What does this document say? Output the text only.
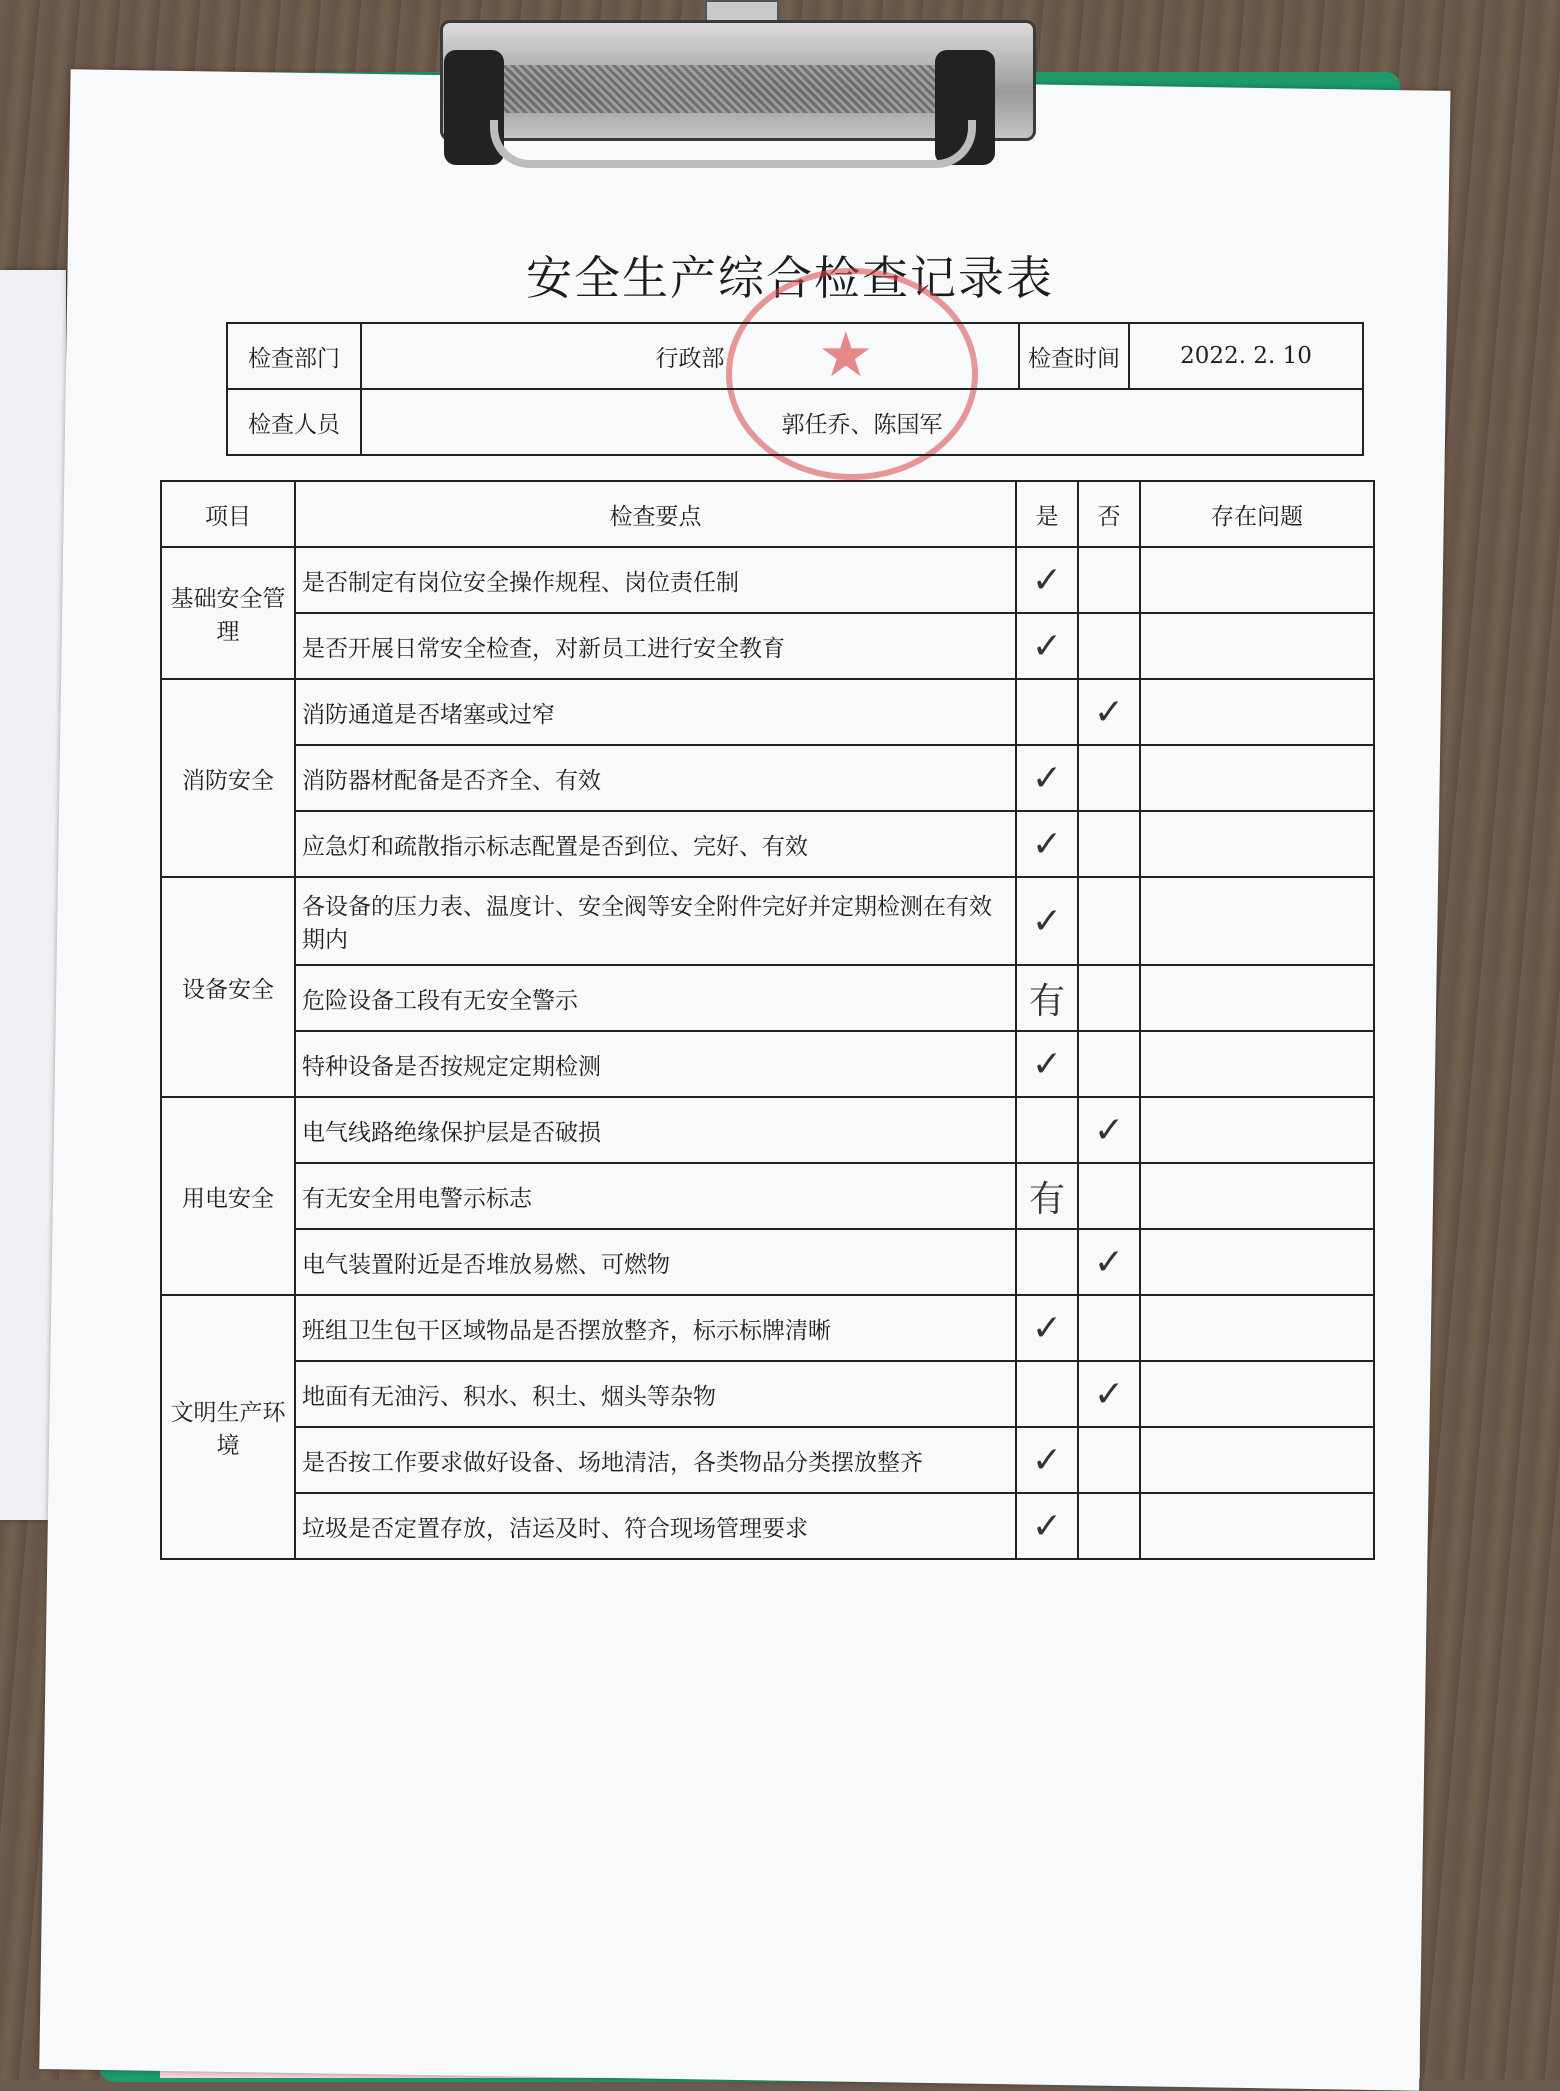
安全生产综合检查记录表
★
检查部门	行政部	检查时间	2022. 2. 10
检查人员	郭任乔、陈国军		
项目	检查要点	是	否	存在问题
基础安全管理	是否制定有岗位安全操作规程、岗位责任制	✓		
	是否开展日常安全检查，对新员工进行安全教育	✓		
消防安全	消防通道是否堵塞或过窄		✓	
	消防器材配备是否齐全、有效	✓		
	应急灯和疏散指示标志配置是否到位、完好、有效	✓		
设备安全	各设备的压力表、温度计、安全阀等安全附件完好并定期检测在有效期内	✓		
	危险设备工段有无安全警示	有		
	特种设备是否按规定定期检测	✓		
用电安全	电气线路绝缘保护层是否破损		✓	
	有无安全用电警示标志	有		
	电气装置附近是否堆放易燃、可燃物		✓	
文明生产环境	班组卫生包干区域物品是否摆放整齐，标示标牌清晰	✓		
	地面有无油污、积水、积土、烟头等杂物		✓	
	是否按工作要求做好设备、场地清洁，各类物品分类摆放整齐	✓		
	垃圾是否定置存放，洁运及时、符合现场管理要求	✓		
